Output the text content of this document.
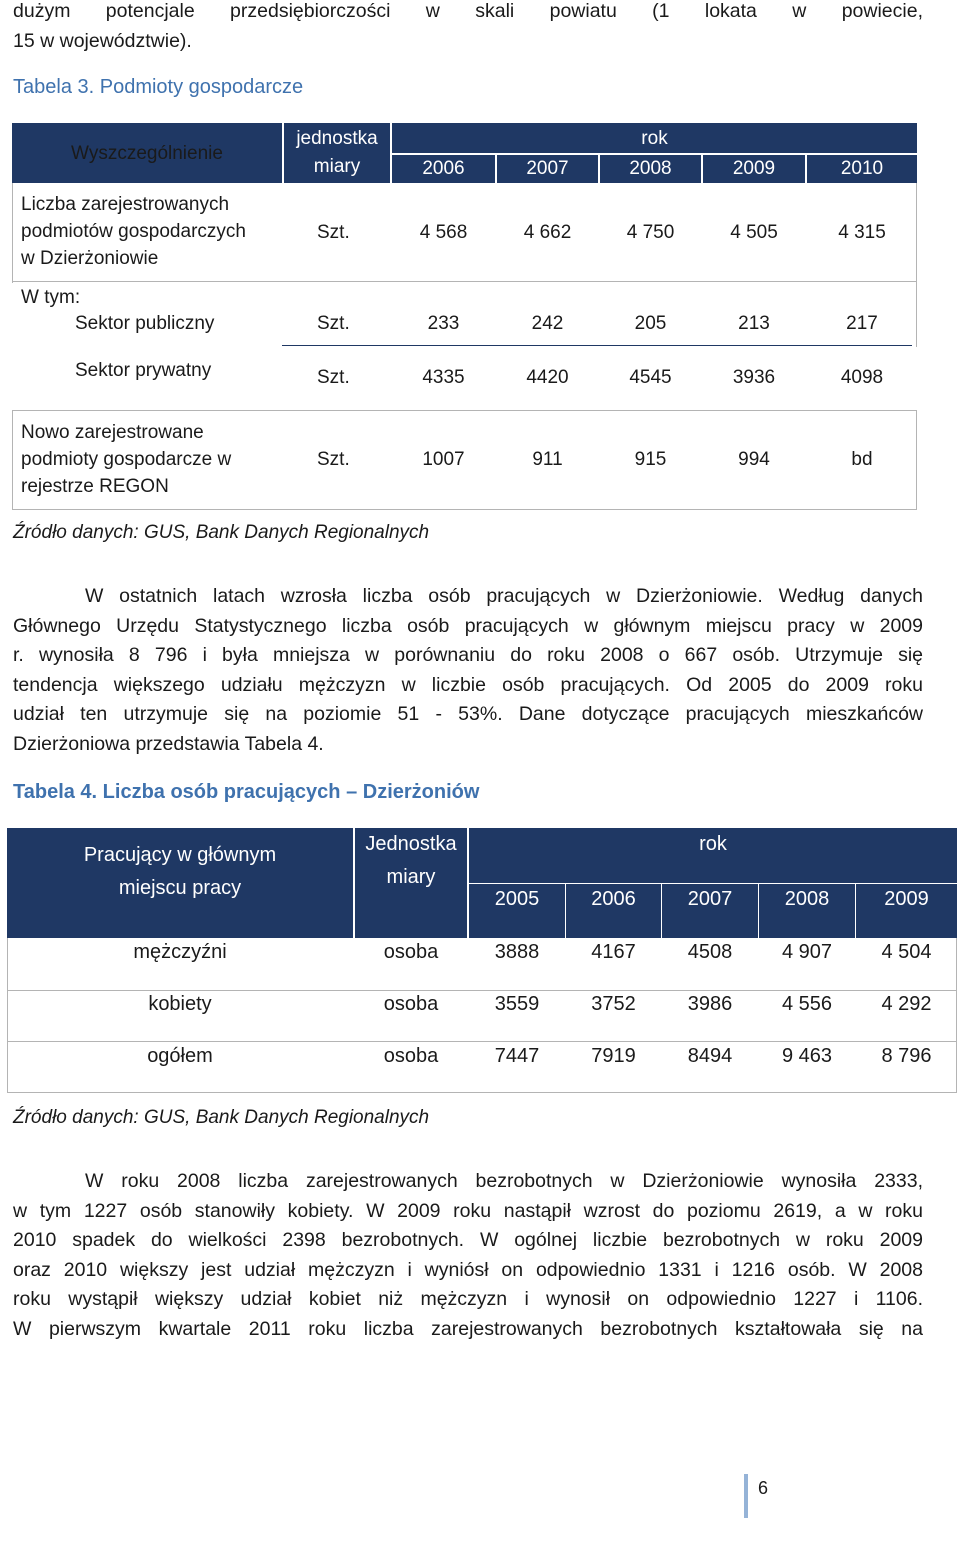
dużym potencjale przedsiębiorczości w skali powiatu (1 lokata w powiecie,
15 w województwie).

Tabela 3. Podmioty gospodarcze

Wyszczególnienie
jednostka
miary
rok
2006	2007	2008	2009	2010
Liczba zarejestrowanych
podmiotów gospodarczych
w Dzierżoniowie
Szt.	4 568	4 662	4 750	4 505	4 315
W tym:
Sektor publiczny	Szt.	233	242	205	213	217
Sektor prywatny	Szt.	4335	4420	4545	3936	4098
Nowo zarejestrowane
podmioty gospodarcze w
rejestrze REGON
Szt.	1007	911	915	994	bd

Źródło danych: GUS, Bank Danych Regionalnych

W ostatnich latach wzrosła liczba osób pracujących w Dzierżoniowie. Według danych
Głównego Urzędu Statystycznego liczba osób pracujących w głównym miejscu pracy w 2009
r. wynosiła 8 796 i była mniejsza w porównaniu do roku 2008 o 667 osób. Utrzymuje się
tendencja większego udziału mężczyzn w liczbie osób pracujących. Od 2005 do 2009 roku
udział ten utrzymuje się na poziomie 51 - 53%. Dane dotyczące pracujących mieszkańców
Dzierżoniowa przedstawia Tabela 4.

Tabela 4. Liczba osób pracujących – Dzierżoniów

Pracujący w głównym
miejscu pracy
Jednostka
miary
rok
2005	2006	2007	2008	2009
mężczyźni	osoba	3888	4167	4508	4 907	4 504
kobiety	osoba	3559	3752	3986	4 556	4 292
ogółem	osoba	7447	7919	8494	9 463	8 796

Źródło danych: GUS, Bank Danych Regionalnych

W roku 2008 liczba zarejestrowanych bezrobotnych w Dzierżoniowie wynosiła 2333,
w tym 1227 osób stanowiły kobiety. W 2009 roku nastąpił wzrost do poziomu 2619, a w roku
2010 spadek do wielkości 2398 bezrobotnych. W ogólnej liczbie bezrobotnych w roku 2009
oraz 2010 większy jest udział mężczyzn i wyniósł on odpowiednio 1331 i 1216 osób. W 2008
roku wystąpił większy udział kobiet niż mężczyzn i wynosił on odpowiednio 1227 i 1106.
W pierwszym kwartale 2011 roku liczba zarejestrowanych bezrobotnych kształtowała się na

6
